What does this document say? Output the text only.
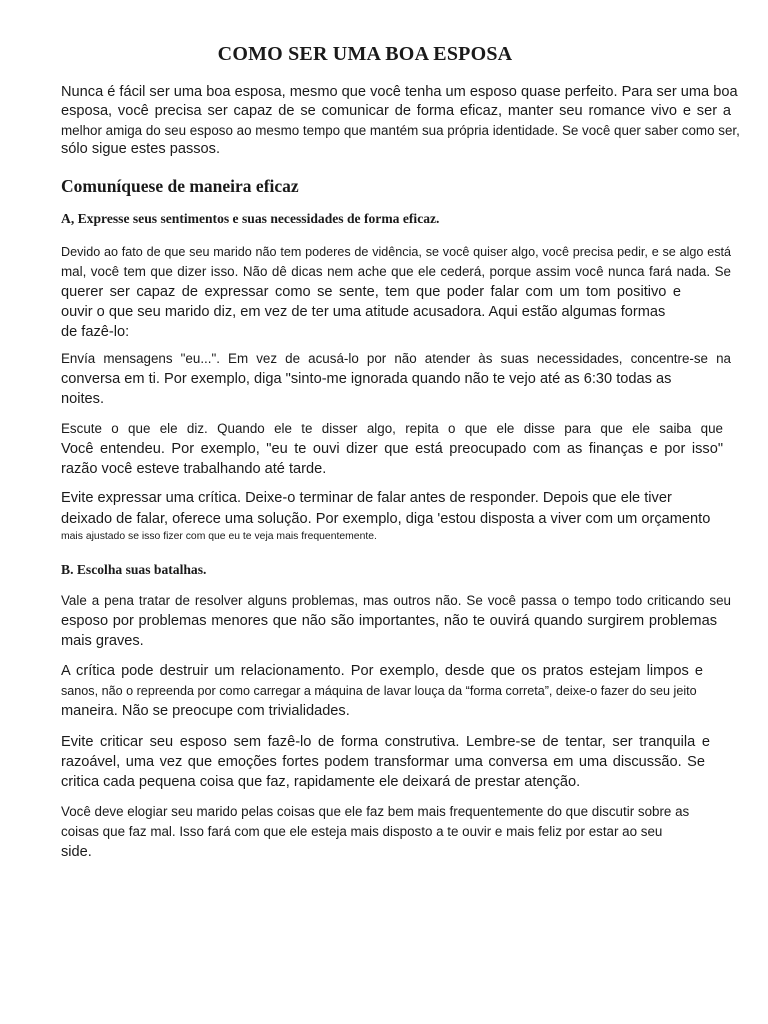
COMO SER UMA BOA ESPOSA
Nunca é fácil ser uma boa esposa, mesmo que você tenha um esposo quase perfeito. Para ser uma boa
esposa, você precisa ser capaz de se comunicar de forma eficaz, manter seu romance vivo e ser a
melhor amiga do seu esposo ao mesmo tempo que mantém sua própria identidade. Se você quer saber como ser,
sólo sigue estes passos.
Comuníquese de maneira eficaz
A, Expresse seus sentimentos e suas necessidades de forma eficaz.
Devido ao fato de que seu marido não tem poderes de vidência, se você quiser algo, você precisa pedir, e se algo está
mal, você tem que dizer isso. Não dê dicas nem ache que ele cederá, porque assim você nunca fará nada. Se
querer ser capaz de expressar como se sente, tem que poder falar com um tom positivo e
ouvir o que seu marido diz, em vez de ter uma atitude acusadora. Aqui estão algumas formas
de fazê-lo:
Envía mensagens "eu...". Em vez de acusá-lo por não atender às suas necessidades, concentre-se na
conversa em ti. Por exemplo, diga "sinto-me ignorada quando não te vejo até as 6:30 todas as
noites.
Escute o que ele diz. Quando ele te disser algo, repita o que ele disse para que ele saiba que
Você entendeu. Por exemplo, "eu te ouvi dizer que está preocupado com as finanças e por isso"
razão você esteve trabalhando até tarde.
Evite expressar uma crítica. Deixe-o terminar de falar antes de responder. Depois que ele tiver
deixado de falar, oferece uma solução. Por exemplo, diga 'estou disposta a viver com um orçamento
mais ajustado se isso fizer com que eu te veja mais frequentemente.
B. Escolha suas batalhas.
Vale a pena tratar de resolver alguns problemas, mas outros não. Se você passa o tempo todo criticando seu
esposo por problemas menores que não são importantes, não te ouvirá quando surgirem problemas
mais graves.
A crítica pode destruir um relacionamento. Por exemplo, desde que os pratos estejam limpos e
sanos, não o repreenda por como carregar a máquina de lavar louça da “forma correta”, deixe-o fazer do seu jeito
maneira. Não se preocupe com trivialidades.
Evite criticar seu esposo sem fazê-lo de forma construtiva. Lembre-se de tentar, ser tranquila e
razoável, uma vez que emoções fortes podem transformar uma conversa em uma discussão. Se
critica cada pequena coisa que faz, rapidamente ele deixará de prestar atenção.
Você deve elogiar seu marido pelas coisas que ele faz bem mais frequentemente do que discutir sobre as
coisas que faz mal. Isso fará com que ele esteja mais disposto a te ouvir e mais feliz por estar ao seu
side.
